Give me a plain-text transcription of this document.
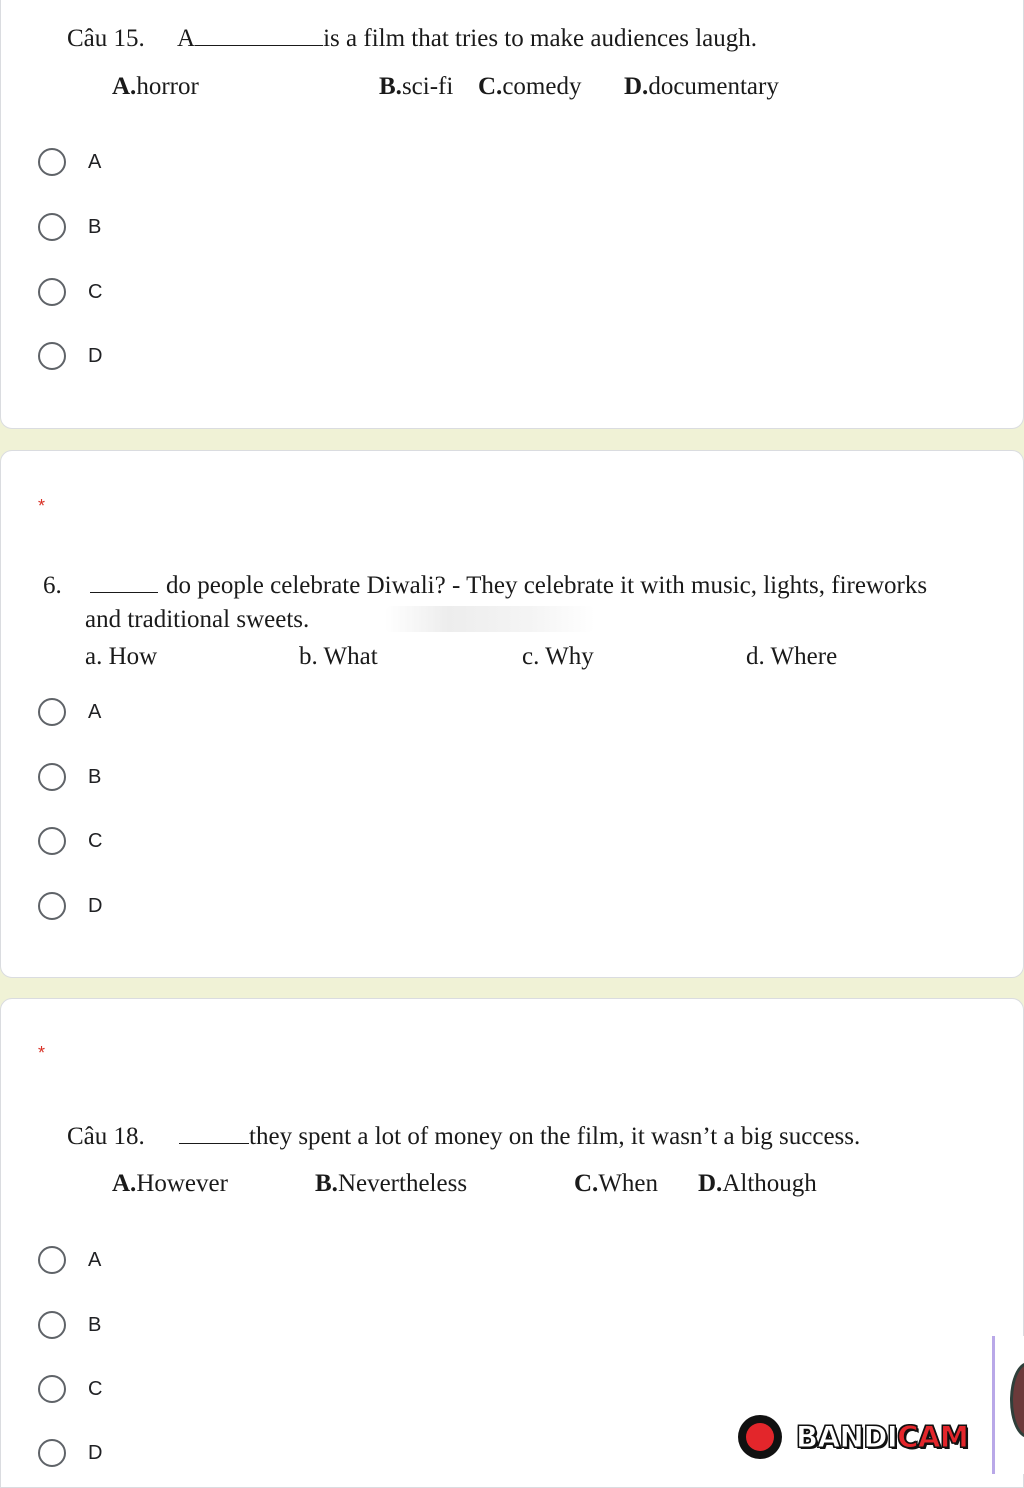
Câu 15. A	is a film that tries to make audiences laugh.
A.horror	B.sci-fi C.comedy D.documentary
A
B
C
D
*
6.	do people celebrate Diwali? - They celebrate it with music, lights, fireworks
and traditional sweets.
a. How	b. What	c. Why	d. Where
A
B
C
D
*
Câu 18.	they spent a lot of money on the film, it wasn’t a big success.
A.However	B.Nevertheless	C.When D.Although
A
B
C
D	BANDICAM
